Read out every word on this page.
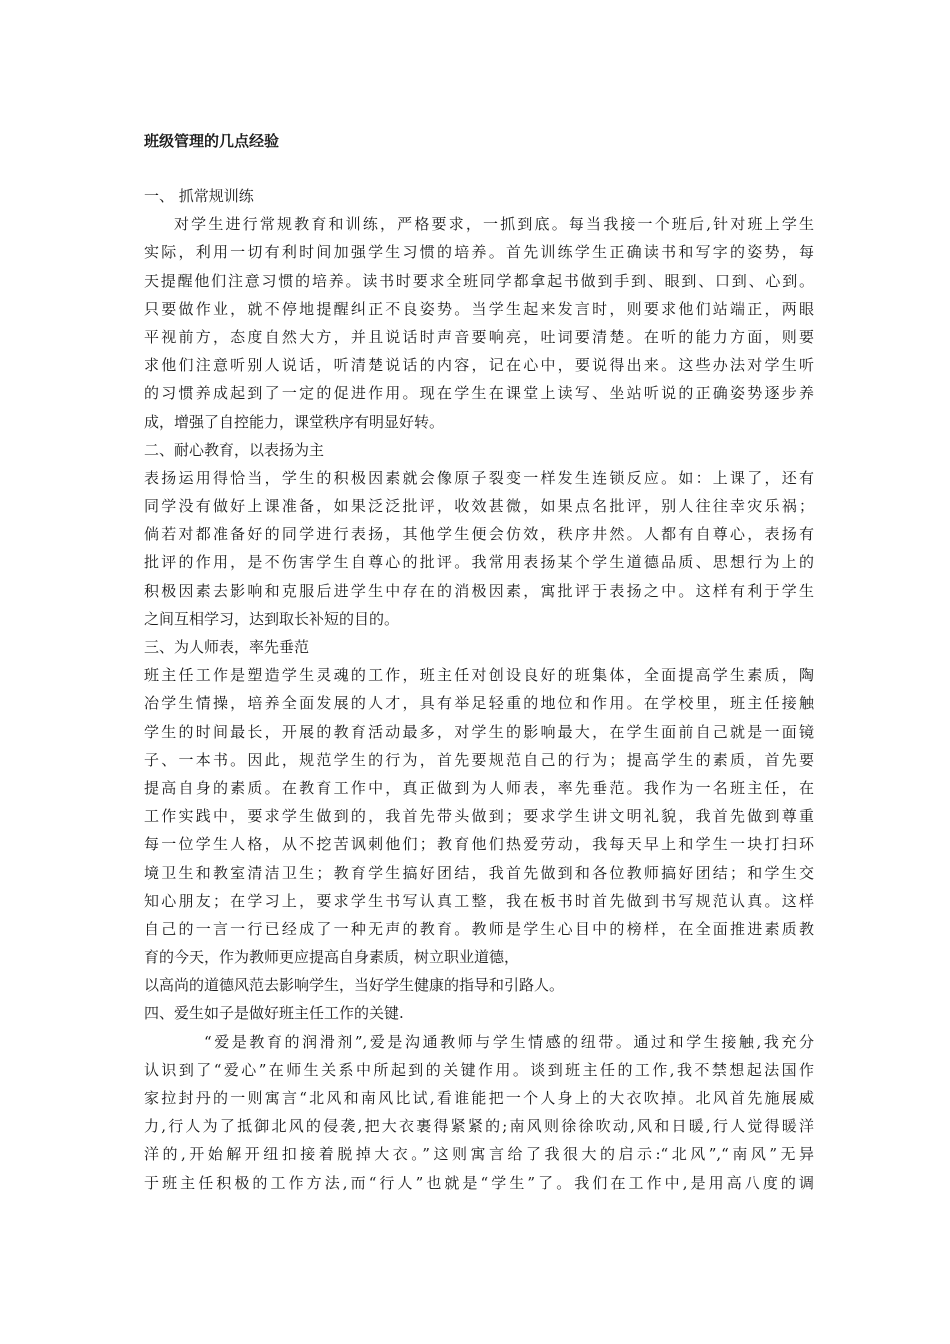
班级管理的几点经验
一、 抓常规训练
对学生进行常规教育和训练，严格要求，一抓到底。每当我接一个班后,针对班上学生
实际，利用一切有利时间加强学生习惯的培养。首先训练学生正确读书和写字的姿势，每
天提醒他们注意习惯的培养。读书时要求全班同学都拿起书做到手到、眼到、口到、心到。
只要做作业，就不停地提醒纠正不良姿势。当学生起来发言时，则要求他们站端正，两眼
平视前方，态度自然大方，并且说话时声音要响亮，吐词要清楚。在听的能力方面，则要
求他们注意听别人说话，听清楚说话的内容，记在心中，要说得出来。这些办法对学生听
的习惯养成起到了一定的促进作用。现在学生在课堂上读写、坐站听说的正确姿势逐步养
成，增强了自控能力，课堂秩序有明显好转。
二、耐心教育，以表扬为主
表扬运用得恰当，学生的积极因素就会像原子裂变一样发生连锁反应。如：上课了，还有
同学没有做好上课准备，如果泛泛批评，收效甚微，如果点名批评，别人往往幸灾乐祸；
倘若对都准备好的同学进行表扬，其他学生便会仿效，秩序井然。人都有自尊心，表扬有
批评的作用，是不伤害学生自尊心的批评。我常用表扬某个学生道德品质、思想行为上的
积极因素去影响和克服后进学生中存在的消极因素，寓批评于表扬之中。这样有利于学生
之间互相学习，达到取长补短的目的。
三、为人师表，率先垂范
班主任工作是塑造学生灵魂的工作，班主任对创设良好的班集体，全面提高学生素质，陶
冶学生情操，培养全面发展的人才，具有举足轻重的地位和作用。在学校里，班主任接触
学生的时间最长，开展的教育活动最多，对学生的影响最大，在学生面前自己就是一面镜
子、一本书。因此，规范学生的行为，首先要规范自己的行为；提高学生的素质，首先要
提高自身的素质。在教育工作中，真正做到为人师表，率先垂范。我作为一名班主任，在
工作实践中，要求学生做到的，我首先带头做到；要求学生讲文明礼貌，我首先做到尊重
每一位学生人格，从不挖苦讽刺他们；教育他们热爱劳动，我每天早上和学生一块打扫环
境卫生和教室清洁卫生；教育学生搞好团结，我首先做到和各位教师搞好团结；和学生交
知心朋友；在学习上，要求学生书写认真工整，我在板书时首先做到书写规范认真。这样
自己的一言一行已经成了一种无声的教育。教师是学生心目中的榜样，在全面推进素质教
育的今天，作为教师更应提高自身素质，树立职业道德，
以高尚的道德风范去影响学生，当好学生健康的指导和引路人。
四、爱生如子是做好班主任工作的关键.
“爱是教育的润滑剂”,爱是沟通教师与学生情感的纽带。通过和学生接触,我充分
认识到了“爱心”在师生关系中所起到的关键作用。谈到班主任的工作,我不禁想起法国作
家拉封丹的一则寓言“北风和南风比试,看谁能把一个人身上的大衣吹掉。北风首先施展威
力,行人为了抵御北风的侵袭,把大衣裹得紧紧的;南风则徐徐吹动,风和日暖,行人觉得暖洋
洋的,开始解开纽扣接着脱掉大衣。”这则寓言给了我很大的启示:“北风”,“南风”无异
于班主任积极的工作方法,而“行人”也就是“学生”了。我们在工作中,是用高八度的调
